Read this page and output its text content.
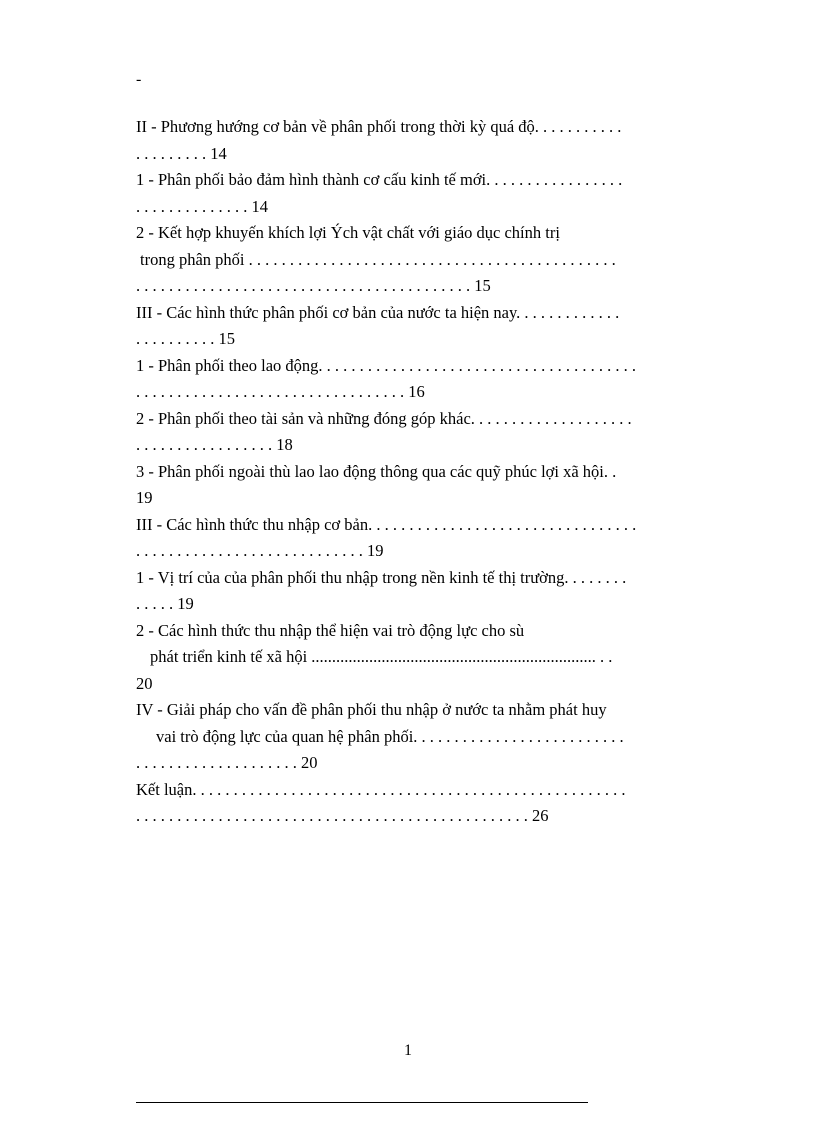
-
II - Phương hướng cơ bản về phân phối trong thời kỳ quá độ. . . . . . . . . . .
. . . . . . . . . 14
1 - Phân phối bảo đảm hình thành cơ cấu kinh tế mới. . . . . . . . . . . . . . . . .
. . . . . . . . . . . . . . 14
2 - Kết hợp khuyến khích lợi Ých vật chất với giáo dục chính trị
trong phân phối . . . . . . . . . . . . . . . . . . . . . . . . . . . . . . . . . . . . . . . . . . . . .
. . . . . . . . . . . . . . . . . . . . . . . . . . . . . . . . . . . . . . . . . 15
III - Các hình thức phân phối cơ bản của nước ta hiện nay. . . . . . . . . . . . .
. . . . . . . . . . 15
1 - Phân phối theo lao động. . . . . . . . . . . . . . . . . . . . . . . . . . . . . . . . . . . . . . .
. . . . . . . . . . . . . . . . . . . . . . . . . . . . . . . . . 16
2 - Phân phối theo tài sản và những đóng góp khác. . . . . . . . . . . . . . . . . . . .
. . . . . . . . . . . . . . . . . 18
3 - Phân phối ngoài thù lao lao động thông qua các quỹ phúc lợi xã hội. .
19
III - Các hình thức thu nhập cơ bản. . . . . . . . . . . . . . . . . . . . . . . . . . . . . . . . .
. . . . . . . . . . . . . . . . . . . . . . . . . . . . 19
1 - Vị trí của của phân phối thu nhập trong nền kinh tế thị trường. . . . . . . .
. . . . . 19
2 - Các hình thức thu nhập thể hiện vai trò động lực cho sù
phát triển kinh tế xã hội ..................................................................... . .
20
IV - Giải pháp cho vấn đề phân phối thu nhập ở nước ta nhằm phát huy
vai trò động lực của quan hệ phân phối. . . . . . . . . . . . . . . . . . . . . . . . . .
. . . . . . . . . . . . . . . . . . . . 20
Kết luận. . . . . . . . . . . . . . . . . . . . . . . . . . . . . . . . . . . . . . . . . . . . . . . . . . . . .
. . . . . . . . . . . . . . . . . . . . . . . . . . . . . . . . . . . . . . . . . . . . . . . . 26
1
